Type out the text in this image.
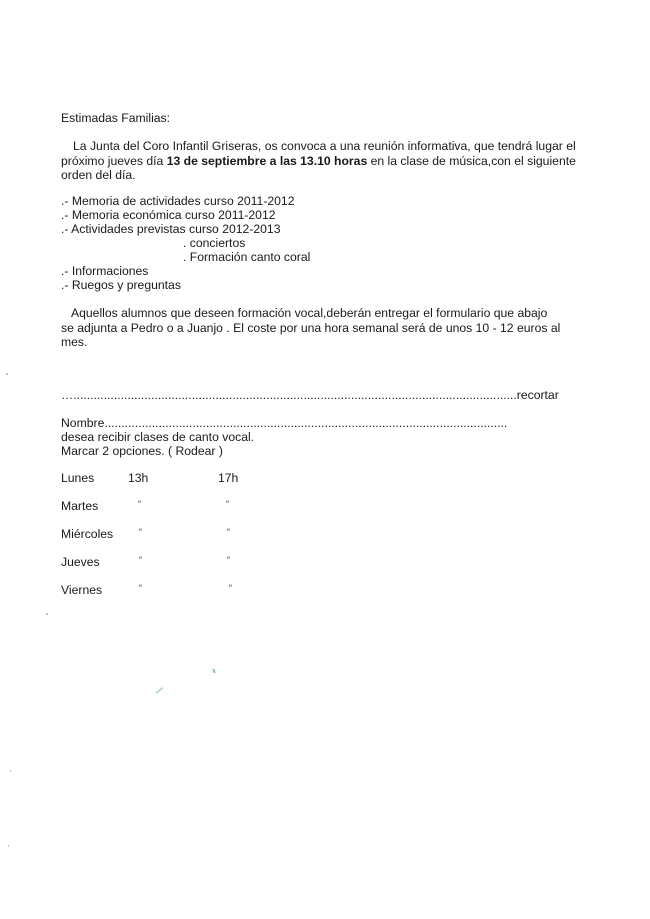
Estimadas Familias:
La Junta del Coro Infantil Griseras, os convoca a una reunión informativa, que tendrá lugar el próximo jueves día 13 de septiembre a las 13.10 horas en la clase de música,con el siguiente orden del día.
.- Memoria de actividades curso 2011-2012
.- Memoria económica curso 2011-2012
.- Actividades previstas curso 2012-2013
. conciertos
. Formación canto coral
.- Informaciones
.- Ruegos y preguntas
Aquellos alumnos que deseen formación vocal,deberán entregar el formulario que abajo se adjunta a Pedro o a Juanjo . El coste por una hora semanal será de unos 10 - 12 euros al mes.
…...................................................................................................................................recortar
Nombre.......................................................................................................................
desea recibir clases de canto vocal.
Marcar 2 opciones. ( Rodear )
Lunes	13h	17h
Martes	“	“
Miércoles	“	“
Jueves	“	“
Viernes	“	“
